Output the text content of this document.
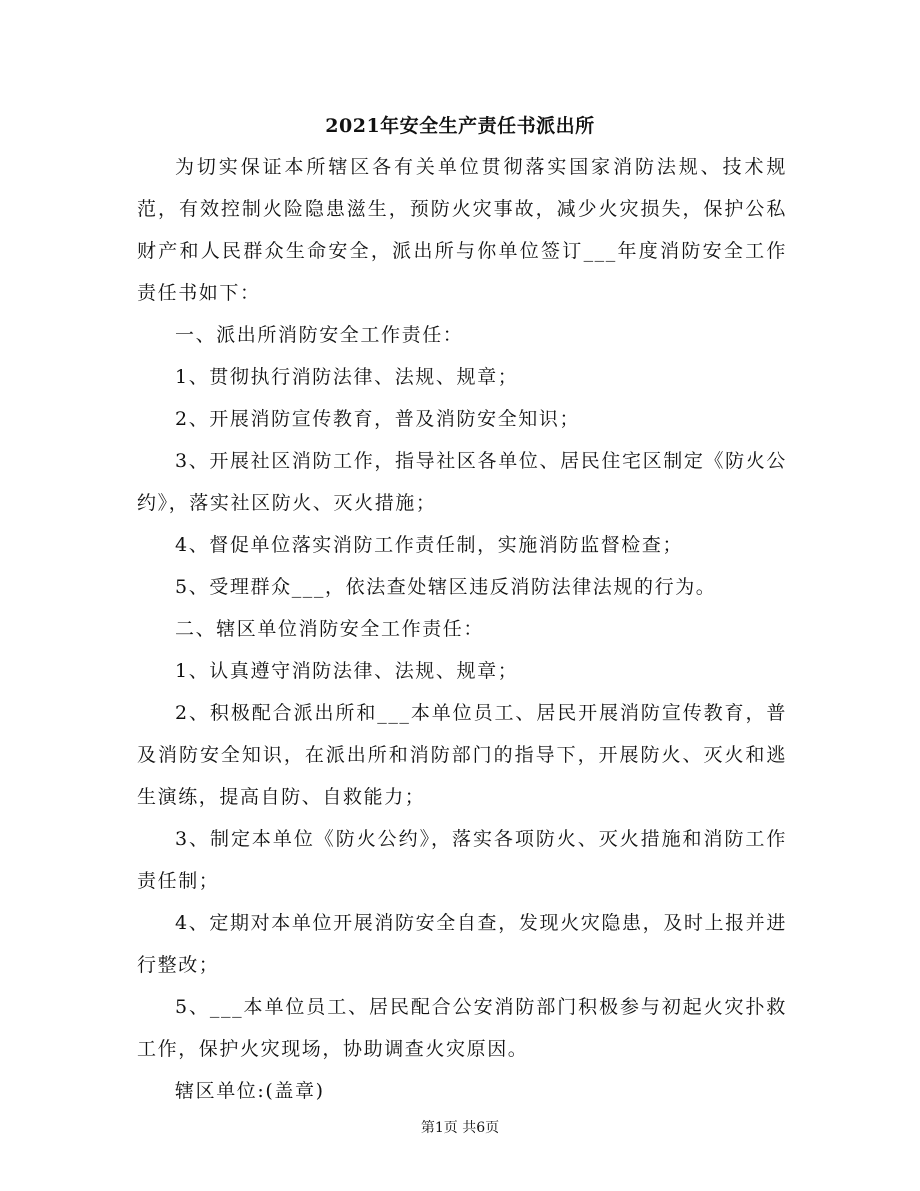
2021年安全生产责任书派出所

为切实保证本所辖区各有关单位贯彻落实国家消防法规、技术规范，有效控制火险隐患滋生，预防火灾事故，减少火灾损失，保护公私财产和人民群众生命安全，派出所与你单位签订___年度消防安全工作责任书如下：

一、派出所消防安全工作责任：

1、贯彻执行消防法律、法规、规章；

2、开展消防宣传教育，普及消防安全知识；

3、开展社区消防工作，指导社区各单位、居民住宅区制定《防火公约》，落实社区防火、灭火措施；

4、督促单位落实消防工作责任制，实施消防监督检查；

5、受理群众___，依法查处辖区违反消防法律法规的行为。

二、辖区单位消防安全工作责任：

1、认真遵守消防法律、法规、规章；

2、积极配合派出所和___本单位员工、居民开展消防宣传教育，普及消防安全知识，在派出所和消防部门的指导下，开展防火、灭火和逃生演练，提高自防、自救能力；

3、制定本单位《防火公约》，落实各项防火、灭火措施和消防工作责任制；

4、定期对本单位开展消防安全自查，发现火灾隐患，及时上报并进行整改；

5、___本单位员工、居民配合公安消防部门积极参与初起火灾扑救工作，保护火灾现场，协助调查火灾原因。

辖区单位:(盖章)

第1页 共6页
